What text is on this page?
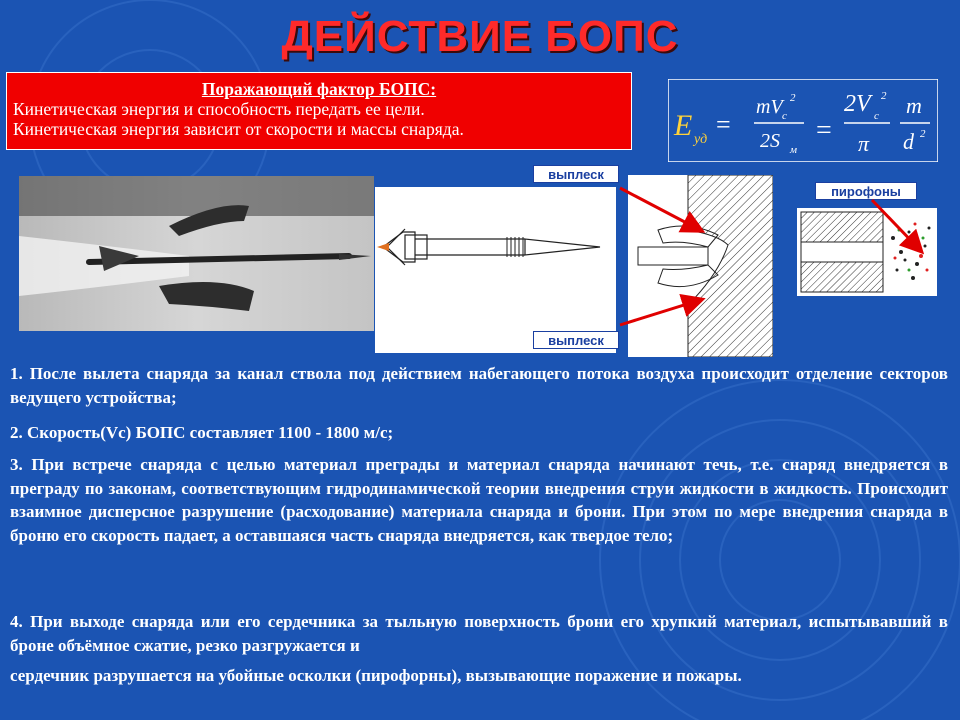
ДЕЙСТВИЕ БОПС
Поражающий фактор БОПС:
Кинетическая энергия и способность передать ее цели.
Кинетическая энергия зависит от скорости и массы снаряда.	E уд
=
mV c
2
2S м
=
2V c
2
π
m
d 2
выплеск
выплеск
пирофоны
1. После вылета снаряда за канал ствола под действием набегающего потока воздуха происходит отделение секторов ведущего устройства;
2. Скорость(Vc) БОПС составляет 1100 - 1800 м/с;
3. При встрече снаряда с целью материал преграды и материал снаряда начинают течь, т.е. снаряд внедряется в преграду по законам, соответствующим гидродинамической теории внедрения струи жидкости в жидкость. Происходит взаимное дисперсное разрушение (расходование) материала снаряда и брони. При этом по мере внедрения снаряда в броню его скорость падает, а оставшаяся часть снаряда внедряется, как твердое тело;
4. При выходе снаряда или его сердечника за тыльную поверхность брони его хрупкий материал, испытывавший в броне объёмное сжатие, резко разгружается и
сердечник разрушается на убойные осколки (пирофорны), вызывающие поражение и пожары.
